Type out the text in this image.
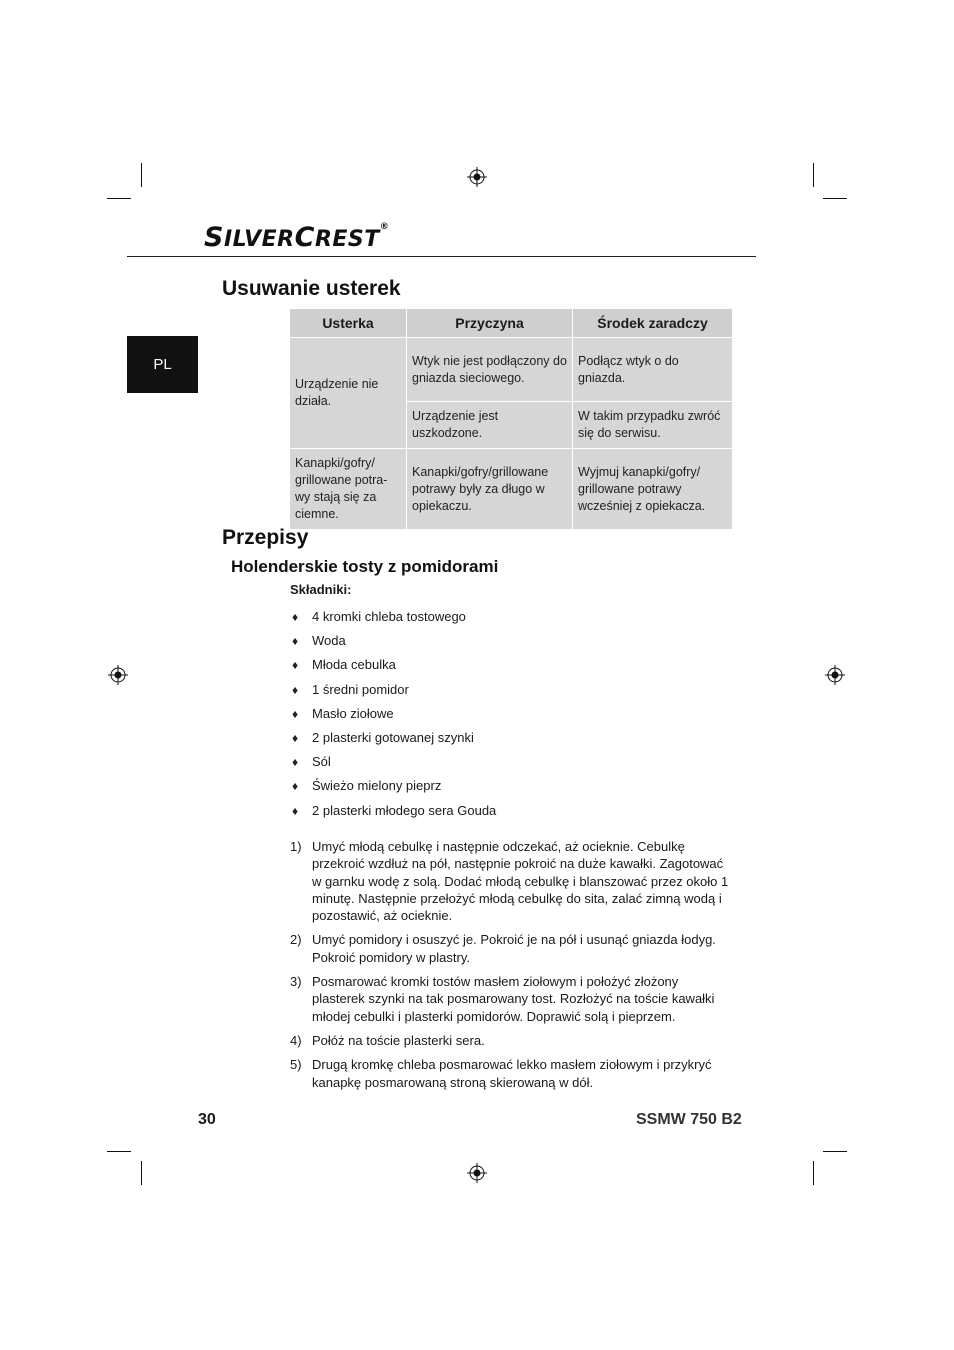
SILVERCREST®
PL
Usuwanie usterek
Usterka	Przyczyna	Środek zaradczy
Urządzenie nie działa.	Wtyk nie jest podłączony do gniazda sieciowego.	Podłącz wtyk o do gniazda.
	Urządzenie jest uszkodzone.	W takim przypadku zwróć się do serwisu.
Kanapki/gofry/ grillowane potra- wy stają się za ciemne.	Kanapki/gofry/grillowane potrawy były za długo w opiekaczu.	Wyjmuj kanapki/gofry/ grillowane potrawy wcześniej z opiekacza.
Przepisy
Holenderskie tosty z pomidorami
Składniki:
♦	4 kromki chleba tostowego
♦	Woda
♦	Młoda cebulka
♦	1 średni pomidor
♦	Masło ziołowe
♦	2 plasterki gotowanej szynki
♦	Sól
♦	Świeżo mielony pieprz
♦	2 plasterki młodego sera Gouda
1) Umyć młodą cebulkę i następnie odczekać, aż ocieknie. Cebulkę przekroić wzdłuż na pół, następnie pokroić na duże kawałki. Zagotować w garnku wodę z solą. Dodać młodą cebulkę i blanszować przez około 1 minutę. Następnie przełożyć młodą cebulkę do sita, zalać zimną wodą i pozostawić, aż ocieknie.
2) Umyć pomidory i osuszyć je. Pokroić je na pół i usunąć gniazda łodyg. Pokroić pomidory w plastry.
3) Posmarować kromki tostów masłem ziołowym i położyć złożony plasterek szynki na tak posmarowany tost. Rozłożyć na toście kawałki młodej cebulki i plasterki pomidorów. Doprawić solą i pieprzem.
4) Połóż na toście plasterki sera.
5) Drugą kromkę chleba posmarować lekko masłem ziołowym i przykryć kanapkę posmarowaną stroną skierowaną w dół.
30	SSMW 750 B2
